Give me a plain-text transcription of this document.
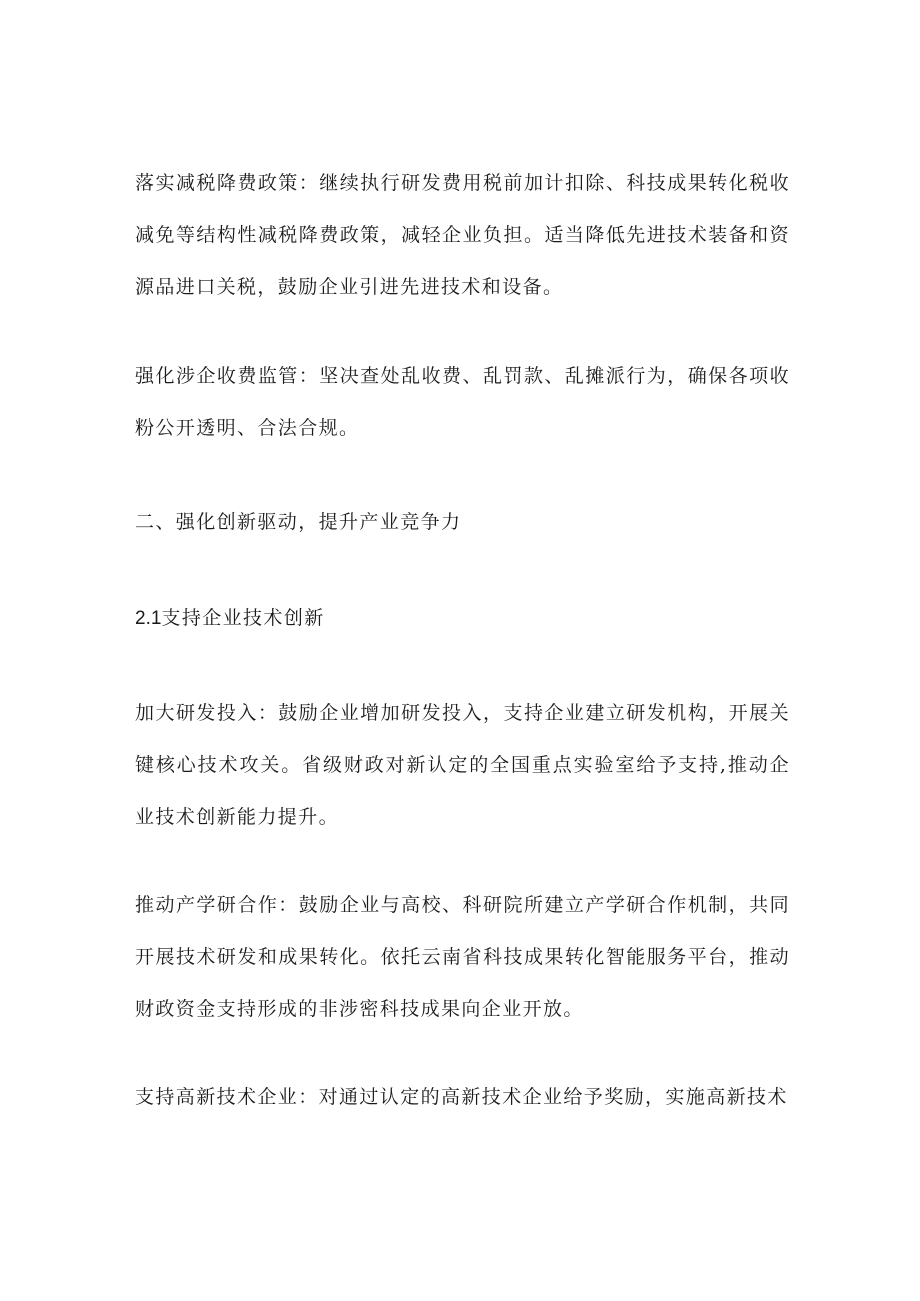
落实减税降费政策：继续执行研发费用税前加计扣除、科技成果转化税收减免等结构性减税降费政策，减轻企业负担。适当降低先进技术装备和资源品进口关税，鼓励企业引进先进技术和设备。

强化涉企收费监管：坚决查处乱收费、乱罚款、乱摊派行为，确保各项收粉公开透明、合法合规。

二、强化创新驱动，提升产业竞争力

2.1支持企业技术创新

加大研发投入：鼓励企业增加研发投入，支持企业建立研发机构，开展关键核心技术攻关。省级财政对新认定的全国重点实验室给予支持,推动企业技术创新能力提升。

推动产学研合作：鼓励企业与高校、科研院所建立产学研合作机制，共同开展技术研发和成果转化。依托云南省科技成果转化智能服务平台，推动财政资金支持形成的非涉密科技成果向企业开放。

支持高新技术企业：对通过认定的高新技术企业给予奖励，实施高新技术
